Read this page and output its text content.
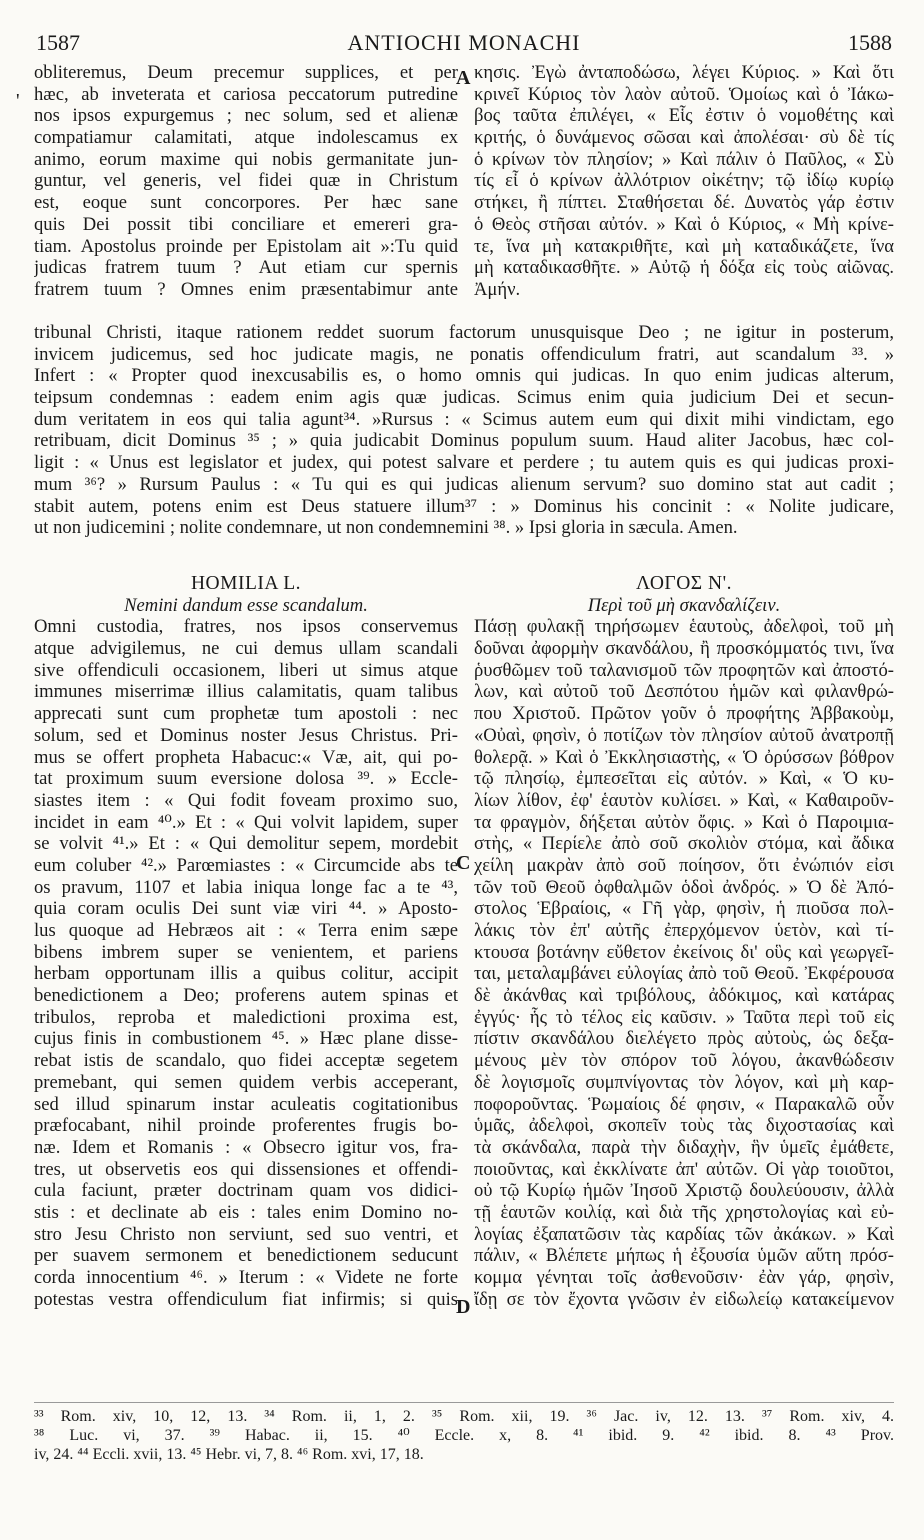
1587	ANTIOCHI MONACHI	1588
obliteremus, Deum precemur supplices, et per
hæc, ab inveterata et cariosa peccatorum putredine
nos ipsos expurgemus ; nec solum, sed et alienæ
compatiamur calamitati, atque indolescamus ex
animo, eorum maxime qui nobis germanitate jun-
guntur, vel generis, vel fidei quæ in Christum
est, eoque sunt concorpores. Per hæc sane
quis Dei possit tibi conciliare et emereri gra-
tiam. Apostolus proinde per Epistolam ait »:Tu quid
judicas fratrem tuum ? Aut etiam cur spernis
fratrem tuum ? Omnes enim præsentabimur ante
κησις. Ἐγὼ ἀνταποδώσω, λέγει Κύριος. » Καὶ ὅτι
κρινεῖ Κύριος τὸν λαὸν αὐτοῦ. Ὁμοίως καὶ ὁ Ἰάκω-
βος ταῦτα ἐπιλέγει, « Εἷς ἐστιν ὁ νομοθέτης καὶ
κριτής, ὁ δυνάμενος σῶσαι καὶ ἀπολέσαι· σὺ δὲ τίς
ὁ κρίνων τὸν πλησίον; » Καὶ πάλιν ὁ Παῦλος, « Σὺ
τίς εἶ ὁ κρίνων ἀλλότριον οἰκέτην; τῷ ἰδίῳ κυρίῳ
στήκει, ἢ πίπτει. Σταθήσεται δέ. Δυνατὸς γάρ ἐστιν
ὁ Θεὸς στῆσαι αὐτόν. » Καὶ ὁ Κύριος, « Μὴ κρίνε-
τε, ἵνα μὴ κατακριθῆτε, καὶ μὴ καταδικάζετε, ἵνα
μὴ καταδικασθῆτε. » Αὐτῷ ἡ δόξα εἰς τοὺς αἰῶνας.
Ἀμήν.
tribunal Christi, itaque rationem reddet suorum factorum unusquisque Deo ; ne igitur in posterum,
invicem judicemus, sed hoc judicate magis, ne ponatis offendiculum fratri, aut scandalum ³³. »
Infert : « Propter quod inexcusabilis es, o homo omnis qui judicas. In quo enim judicas alterum,
teipsum condemnas : eadem enim agis quæ judicas. Scimus enim quia judicium Dei et secun-
dum veritatem in eos qui talia agunt³⁴. »Rursus : « Scimus autem eum qui dixit mihi vindictam, ego
retribuam, dicit Dominus ³⁵ ; » quia judicabit Dominus populum suum. Haud aliter Jacobus, hæc col-
ligit : « Unus est legislator et judex, qui potest salvare et perdere ; tu autem quis es qui judicas proxi-
mum ³⁶? » Rursum Paulus : « Tu qui es qui judicas alienum servum? suo domino stat aut cadit ;
stabit autem, potens enim est Deus statuere illum³⁷ : » Dominus his concinit : « Nolite judicare,
ut non judicemini ; nolite condemnare, ut non condemnemini ³⁸. » Ipsi gloria in sæcula. Amen.
HOMILIA L.
Nemini dandum esse scandalum.
Omni custodia, fratres, nos ipsos conservemus
atque advigilemus, ne cui demus ullam scandali
sive offendiculi occasionem, liberi ut simus atque
immunes miserrimæ illius calamitatis, quam talibus
apprecati sunt cum prophetæ tum apostoli : nec
solum, sed et Dominus noster Jesus Christus. Pri-
mus se offert propheta Habacuc:« Væ, ait, qui po-
tat proximum suum eversione dolosa ³⁹. » Eccle-
siastes item : « Qui fodit foveam proximo suo,
incidet in eam ⁴⁰.» Et : « Qui volvit lapidem, super
se volvit ⁴¹.» Et : « Qui demolitur sepem, mordebit
eum coluber ⁴².» Parœmiastes : « Circumcide abs te
os pravum, 1107 et labia iniqua longe fac a te ⁴³,
quia coram oculis Dei sunt viæ viri ⁴⁴. » Aposto-
lus quoque ad Hebræos ait : « Terra enim sæpe
bibens imbrem super se venientem, et pariens
herbam opportunam illis a quibus colitur, accipit
benedictionem a Deo; proferens autem spinas et
tribulos, reproba et maledictioni proxima est,
cujus finis in combustionem ⁴⁵. » Hæc plane disse-
rebat istis de scandalo, quo fidei acceptæ segetem
premebant, qui semen quidem verbis acceperant,
sed illud spinarum instar aculeatis cogitationibus
præfocabant, nihil proinde proferentes frugis bo-
næ. Idem et Romanis : « Obsecro igitur vos, fra-
tres, ut observetis eos qui dissensiones et offendi-
cula faciunt, præter doctrinam quam vos didici-
stis : et declinate ab eis : tales enim Domino no-
stro Jesu Christo non serviunt, sed suo ventri, et
per suavem sermonem et benedictionem seducunt
corda innocentium ⁴⁶. » Iterum : « Videte ne forte
potestas vestra offendiculum fiat infirmis; si quis
ΛΟΓΟΣ Ν'.
Περὶ τοῦ μὴ σκανδαλίζειν.
Πάσῃ φυλακῇ τηρήσωμεν ἑαυτοὺς, ἀδελφοὶ, τοῦ μὴ
δοῦναι ἀφορμὴν σκανδάλου, ἢ προσκόμματός τινι, ἵνα
ῥυσθῶμεν τοῦ ταλανισμοῦ τῶν προφητῶν καὶ ἀποστό-
λων, καὶ αὐτοῦ τοῦ Δεσπότου ἡμῶν καὶ φιλανθρώ-
που Χριστοῦ. Πρῶτον γοῦν ὁ προφήτης Ἀββακοὺμ,
«Οὐαὶ, φησὶν, ὁ ποτίζων τὸν πλησίον αὐτοῦ ἀνατροπῇ
θολερᾷ. » Καὶ ὁ Ἐκκλησιαστὴς, « Ὁ ὀρύσσων βόθρον
τῷ πλησίῳ, ἐμπεσεῖται εἰς αὐτόν. » Καὶ, « Ὁ κυ-
λίων λίθον, ἐφ' ἑαυτὸν κυλίσει. » Καὶ, « Καθαιροῦν-
τα φραγμὸν, δήξεται αὐτὸν ὄφις. » Καὶ ὁ Παροιμια-
στὴς, « Περίελε ἀπὸ σοῦ σκολιὸν στόμα, καὶ ἄδικα
χείλη μακρὰν ἀπὸ σοῦ ποίησον, ὅτι ἐνώπιόν εἰσι
τῶν τοῦ Θεοῦ ὀφθαλμῶν ὁδοὶ ἀνδρός. » Ὁ δὲ Ἀπό-
στολος Ἑβραίοις, « Γῆ γὰρ, φησὶν, ἡ πιοῦσα πολ-
λάκις τὸν ἐπ' αὐτῆς ἐπερχόμενον ὑετὸν, καὶ τί-
κτουσα βοτάνην εὔθετον ἐκείνοις δι' οὓς καὶ γεωργεῖ-
ται, μεταλαμβάνει εὐλογίας ἀπὸ τοῦ Θεοῦ. Ἐκφέρουσα
δὲ ἀκάνθας καὶ τριβόλους, ἀδόκιμος, καὶ κατάρας
ἐγγύς· ἧς τὸ τέλος εἰς καῦσιν. » Ταῦτα περὶ τοῦ εἰς
πίστιν σκανδάλου διελέγετο πρὸς αὐτοὺς, ὡς δεξα-
μένους μὲν τὸν σπόρον τοῦ λόγου, ἀκανθώδεσιν
δὲ λογισμοῖς συμπνίγοντας τὸν λόγον, καὶ μὴ καρ-
ποφοροῦντας. Ῥωμαίοις δέ φησιν, « Παρακαλῶ οὖν
ὑμᾶς, ἀδελφοὶ, σκοπεῖν τοὺς τὰς διχοστασίας καὶ
τὰ σκάνδαλα, παρὰ τὴν διδαχὴν, ἣν ὑμεῖς ἐμάθετε,
ποιοῦντας, καὶ ἐκκλίνατε ἀπ' αὐτῶν. Οἱ γὰρ τοιοῦτοι,
οὐ τῷ Κυρίῳ ἡμῶν Ἰησοῦ Χριστῷ δουλεύουσιν, ἀλλὰ
τῇ ἑαυτῶν κοιλίᾳ, καὶ διὰ τῆς χρηστολογίας καὶ εὐ-
λογίας ἐξαπατῶσιν τὰς καρδίας τῶν ἀκάκων. » Καὶ
πάλιν, « Βλέπετε μήπως ἡ ἐξουσία ὑμῶν αὕτη πρόσ-
κομμα γένηται τοῖς ἀσθενοῦσιν· ἐὰν γάρ, φησὶν,
ἴδῃ σε τὸν ἔχοντα γνῶσιν ἐν εἰδωλείῳ κατακείμενον
A
'
C
D
³³ Rom. xiv, 10, 12, 13. ³⁴ Rom. ii, 1, 2. ³⁵ Rom. xii, 19. ³⁶ Jac. iv, 12. 13. ³⁷ Rom. xiv, 4.
³⁸ Luc. vi, 37. ³⁹ Habac. ii, 15. ⁴⁰ Eccle. x, 8. ⁴¹ ibid. 9. ⁴² ibid. 8. ⁴³ Prov.
iv, 24. ⁴⁴ Eccli. xvii, 13. ⁴⁵ Hebr. vi, 7, 8. ⁴⁶ Rom. xvi, 17, 18.
